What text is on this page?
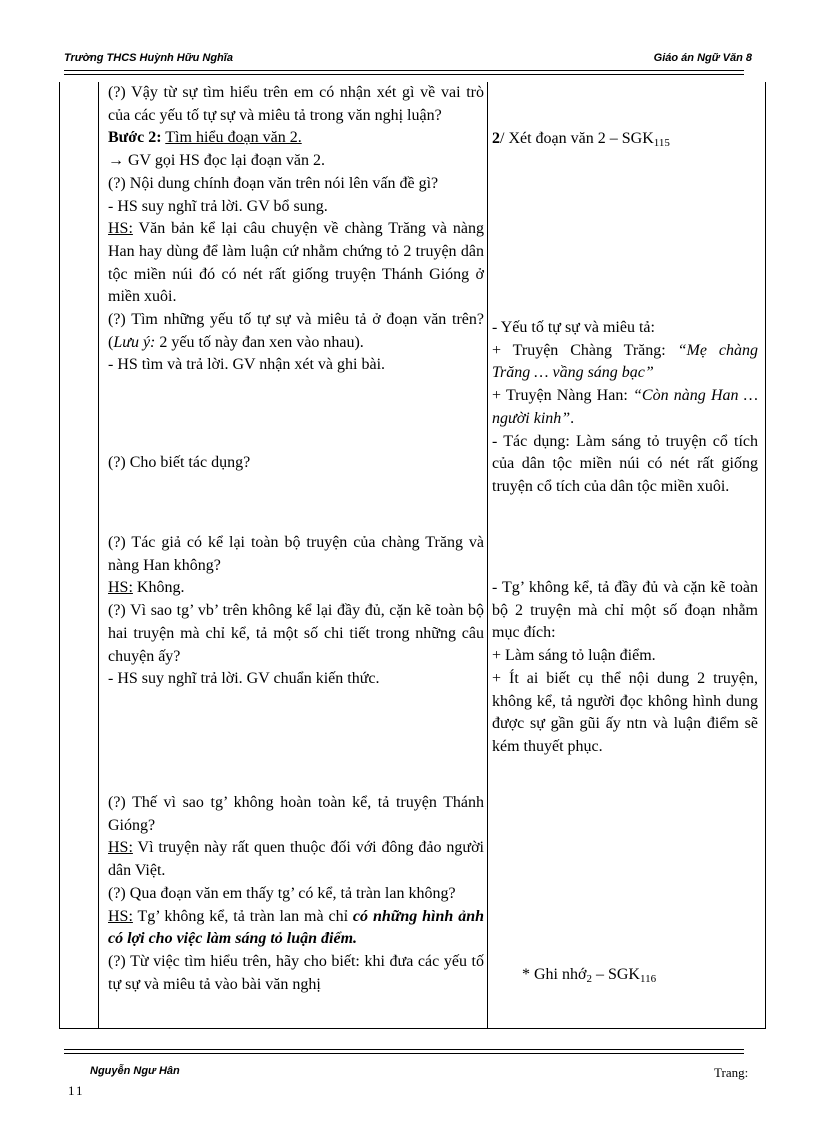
Trường THCS Huỳnh Hữu Nghĩa	Giáo án Ngữ Văn 8

(?) Vậy từ sự tìm hiểu trên em có nhận xét gì về vai trò của các yếu tố tự sự và miêu tả trong văn nghị luận?

Bước 2: Tìm hiểu đoạn văn 2.

→ GV gọi HS đọc lại đoạn văn 2.

(?) Nội dung chính đoạn văn trên nói lên vấn đề gì?

- HS suy nghĩ trả lời. GV bổ sung.

HS: Văn bản kể lại câu chuyện về chàng Trăng và nàng Han hay dùng để làm luận cứ nhằm chứng tỏ 2 truyện dân tộc miền núi đó có nét rất giống truyện Thánh Gióng ở miền xuôi.

(?) Tìm những yếu tố tự sự và miêu tả ở đoạn văn trên? (Lưu ý: 2 yếu tố này đan xen vào nhau).

- HS tìm và trả lời. GV nhận xét và ghi bài.

(?) Cho biết tác dụng?

(?) Tác giả có kể lại toàn bộ truyện của chàng Trăng và nàng Han không?

HS: Không.

(?) Vì sao tg’ vb’ trên không kể lại đầy đủ, cặn kẽ toàn bộ hai truyện mà chỉ kể, tả một số chi tiết trong những câu chuyện ấy?

- HS suy nghĩ trả lời. GV chuẩn kiến thức.

(?) Thế vì sao tg’ không hoàn toàn kể, tả truyện Thánh Gióng?

HS: Vì truyện này rất quen thuộc đối với đông đảo người dân Việt.

(?) Qua đoạn văn em thấy tg’ có kể, tả tràn lan không?

HS: Tg’ không kể, tả tràn lan mà chỉ có những hình ảnh có lợi cho việc làm sáng tỏ luận điểm.

(?) Từ việc tìm hiểu trên, hãy cho biết: khi đưa các yếu tố tự sự và miêu tả vào bài văn nghị

2/ Xét đoạn văn $2 - SGK_{115}$

- Yếu tố tự sự và miêu tả:

+ Truyện Chàng Trăng: “Mẹ chàng Trăng … vầng sáng bạc”

+ Truyện Nàng Han: “Còn nàng Han … người kinh”.

- Tác dụng: Làm sáng tỏ truyện cổ tích của dân tộc miền núi có nét rất giống truyện cổ tích của dân tộc miền xuôi.

- Tg’ không kể, tả đầy đủ và cặn kẽ toàn bộ 2 truyện mà chỉ một số đoạn nhằm mục đích:

+ Làm sáng tỏ luận điểm.

+ Ít ai biết cụ thể nội dung 2 truyện, không kể, tả người đọc không hình dung được sự gần gũi ấy ntn và luận điểm sẽ kém thuyết phục.

* Ghi nhớ$_2$ – $SGK_{116}$

Nguyễn Ngư Hân	Trang:
11
